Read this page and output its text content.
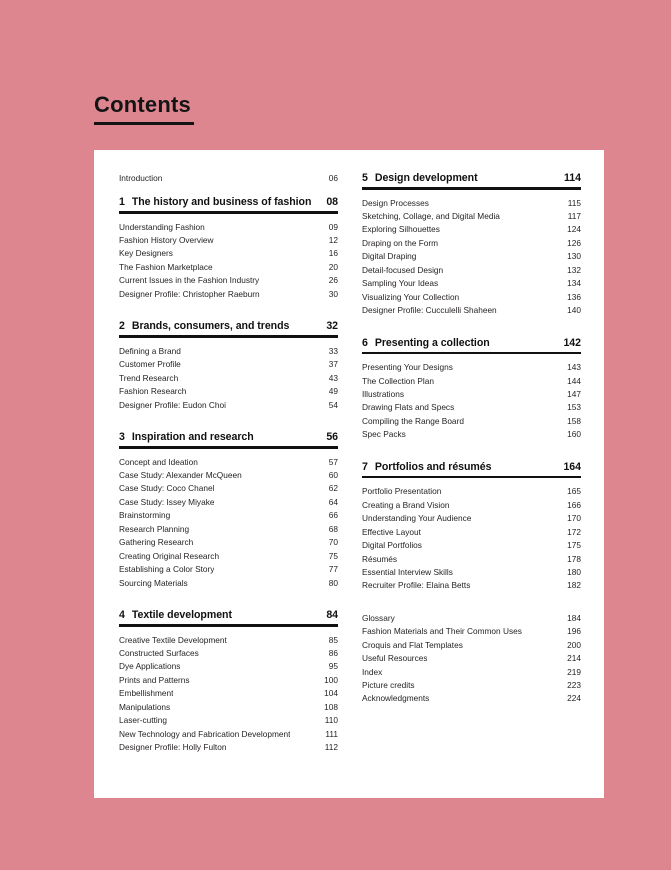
Contents
Introduction	06
1 The history and business of fashion	08
Understanding Fashion	09
Fashion History Overview	12
Key Designers	16
The Fashion Marketplace	20
Current Issues in the Fashion Industry	26
Designer Profile: Christopher Raeburn	30
2 Brands, consumers, and trends	32
Defining a Brand	33
Customer Profile	37
Trend Research	43
Fashion Research	49
Designer Profile: Eudon Choi	54
3 Inspiration and research	56
Concept and Ideation	57
Case Study: Alexander McQueen	60
Case Study: Coco Chanel	62
Case Study: Issey Miyake	64
Brainstorming	66
Research Planning	68
Gathering Research	70
Creating Original Research	75
Establishing a Color Story	77
Sourcing Materials	80
4 Textile development	84
Creative Textile Development	85
Constructed Surfaces	86
Dye Applications	95
Prints and Patterns	100
Embellishment	104
Manipulations	108
Laser-cutting	110
New Technology and Fabrication Development	111
Designer Profile: Holly Fulton	112
5 Design development	114
Design Processes	115
Sketching, Collage, and Digital Media	117
Exploring Silhouettes	124
Draping on the Form	126
Digital Draping	130
Detail-focused Design	132
Sampling Your Ideas	134
Visualizing Your Collection	136
Designer Profile: Cucculelli Shaheen	140
6 Presenting a collection	142
Presenting Your Designs	143
The Collection Plan	144
Illustrations	147
Drawing Flats and Specs	153
Compiling the Range Board	158
Spec Packs	160
7 Portfolios and résumés	164
Portfolio Presentation	165
Creating a Brand Vision	166
Understanding Your Audience	170
Effective Layout	172
Digital Portfolios	175
Résumés	178
Essential Interview Skills	180
Recruiter Profile: Elaina Betts	182
Glossary	184
Fashion Materials and Their Common Uses	196
Croquis and Flat Templates	200
Useful Resources	214
Index	219
Picture credits	223
Acknowledgments	224
